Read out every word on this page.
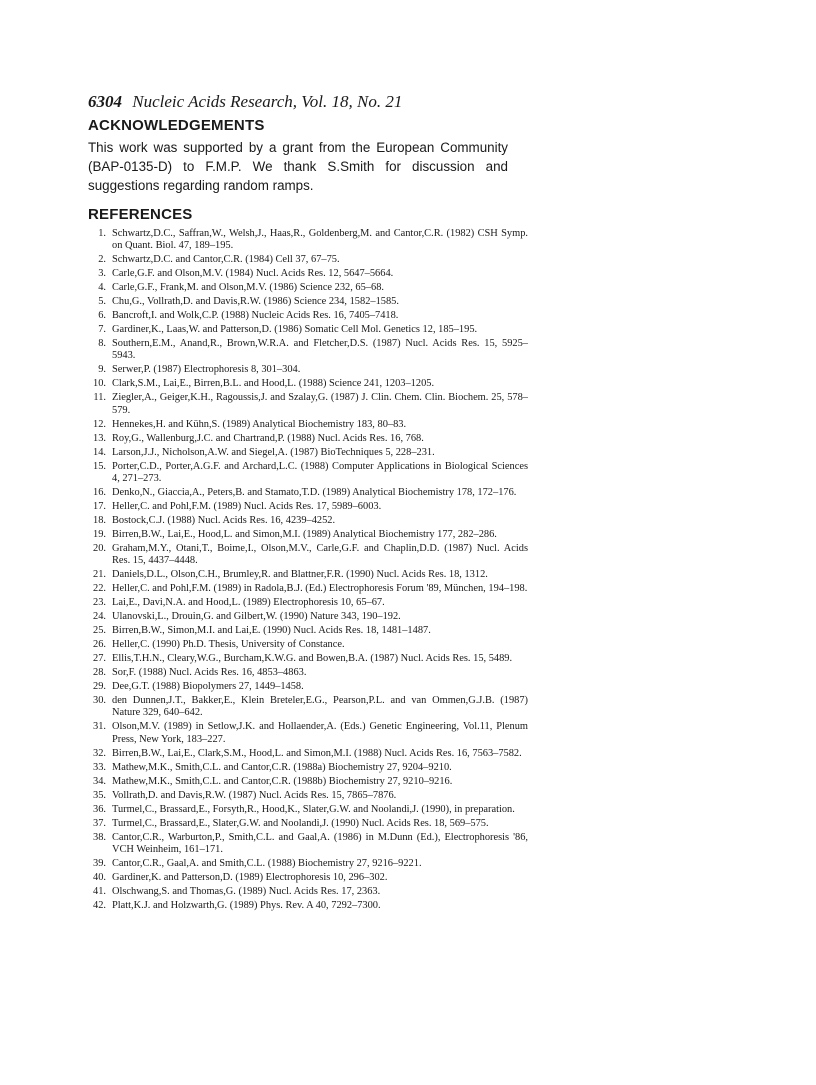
6304 Nucleic Acids Research, Vol. 18, No. 21
ACKNOWLEDGEMENTS
This work was supported by a grant from the European Community (BAP-0135-D) to F.M.P. We thank S.Smith for discussion and suggestions regarding random ramps.
REFERENCES
1. Schwartz,D.C., Saffran,W., Welsh,J., Haas,R., Goldenberg,M. and Cantor,C.R. (1982) CSH Symp. on Quant. Biol. 47, 189–195.
2. Schwartz,D.C. and Cantor,C.R. (1984) Cell 37, 67–75.
3. Carle,G.F. and Olson,M.V. (1984) Nucl. Acids Res. 12, 5647–5664.
4. Carle,G.F., Frank,M. and Olson,M.V. (1986) Science 232, 65–68.
5. Chu,G., Vollrath,D. and Davis,R.W. (1986) Science 234, 1582–1585.
6. Bancroft,I. and Wolk,C.P. (1988) Nucleic Acids Res. 16, 7405–7418.
7. Gardiner,K., Laas,W. and Patterson,D. (1986) Somatic Cell Mol. Genetics 12, 185–195.
8. Southern,E.M., Anand,R., Brown,W.R.A. and Fletcher,D.S. (1987) Nucl. Acids Res. 15, 5925–5943.
9. Serwer,P. (1987) Electrophoresis 8, 301–304.
10. Clark,S.M., Lai,E., Birren,B.L. and Hood,L. (1988) Science 241, 1203–1205.
11. Ziegler,A., Geiger,K.H., Ragoussis,J. and Szalay,G. (1987) J. Clin. Chem. Clin. Biochem. 25, 578–579.
12. Hennekes,H. and Kühn,S. (1989) Analytical Biochemistry 183, 80–83.
13. Roy,G., Wallenburg,J.C. and Chartrand,P. (1988) Nucl. Acids Res. 16, 768.
14. Larson,J.J., Nicholson,A.W. and Siegel,A. (1987) BioTechniques 5, 228–231.
15. Porter,C.D., Porter,A.G.F. and Archard,L.C. (1988) Computer Applications in Biological Sciences 4, 271–273.
16. Denko,N., Giaccia,A., Peters,B. and Stamato,T.D. (1989) Analytical Biochemistry 178, 172–176.
17. Heller,C. and Pohl,F.M. (1989) Nucl. Acids Res. 17, 5989–6003.
18. Bostock,C.J. (1988) Nucl. Acids Res. 16, 4239–4252.
19. Birren,B.W., Lai,E., Hood,L. and Simon,M.I. (1989) Analytical Biochemistry 177, 282–286.
20. Graham,M.Y., Otani,T., Boime,I., Olson,M.V., Carle,G.F. and Chaplin,D.D. (1987) Nucl. Acids Res. 15, 4437–4448.
21. Daniels,D.L., Olson,C.H., Brumley,R. and Blattner,F.R. (1990) Nucl. Acids Res. 18, 1312.
22. Heller,C. and Pohl,F.M. (1989) in Radola,B.J. (Ed.) Electrophoresis Forum '89, München, 194–198.
23. Lai,E., Davi,N.A. and Hood,L. (1989) Electrophoresis 10, 65–67.
24. Ulanovski,L., Drouin,G. and Gilbert,W. (1990) Nature 343, 190–192.
25. Birren,B.W., Simon,M.I. and Lai,E. (1990) Nucl. Acids Res. 18, 1481–1487.
26. Heller,C. (1990) Ph.D. Thesis, University of Constance.
27. Ellis,T.H.N., Cleary,W.G., Burcham,K.W.G. and Bowen,B.A. (1987) Nucl. Acids Res. 15, 5489.
28. Sor,F. (1988) Nucl. Acids Res. 16, 4853–4863.
29. Dee,G.T. (1988) Biopolymers 27, 1449–1458.
30. den Dunnen,J.T., Bakker,E., Klein Breteler,E.G., Pearson,P.L. and van Ommen,G.J.B. (1987) Nature 329, 640–642.
31. Olson,M.V. (1989) in Setlow,J.K. and Hollaender,A. (Eds.) Genetic Engineering, Vol.11, Plenum Press, New York, 183–227.
32. Birren,B.W., Lai,E., Clark,S.M., Hood,L. and Simon,M.I. (1988) Nucl. Acids Res. 16, 7563–7582.
33. Mathew,M.K., Smith,C.L. and Cantor,C.R. (1988a) Biochemistry 27, 9204–9210.
34. Mathew,M.K., Smith,C.L. and Cantor,C.R. (1988b) Biochemistry 27, 9210–9216.
35. Vollrath,D. and Davis,R.W. (1987) Nucl. Acids Res. 15, 7865–7876.
36. Turmel,C., Brassard,E., Forsyth,R., Hood,K., Slater,G.W. and Noolandi,J. (1990), in preparation.
37. Turmel,C., Brassard,E., Slater,G.W. and Noolandi,J. (1990) Nucl. Acids Res. 18, 569–575.
38. Cantor,C.R., Warburton,P., Smith,C.L. and Gaal,A. (1986) in M.Dunn (Ed.), Electrophoresis '86, VCH Weinheim, 161–171.
39. Cantor,C.R., Gaal,A. and Smith,C.L. (1988) Biochemistry 27, 9216–9221.
40. Gardiner,K. and Patterson,D. (1989) Electrophoresis 10, 296–302.
41. Olschwang,S. and Thomas,G. (1989) Nucl. Acids Res. 17, 2363.
42. Platt,K.J. and Holzwarth,G. (1989) Phys. Rev. A 40, 7292–7300.
